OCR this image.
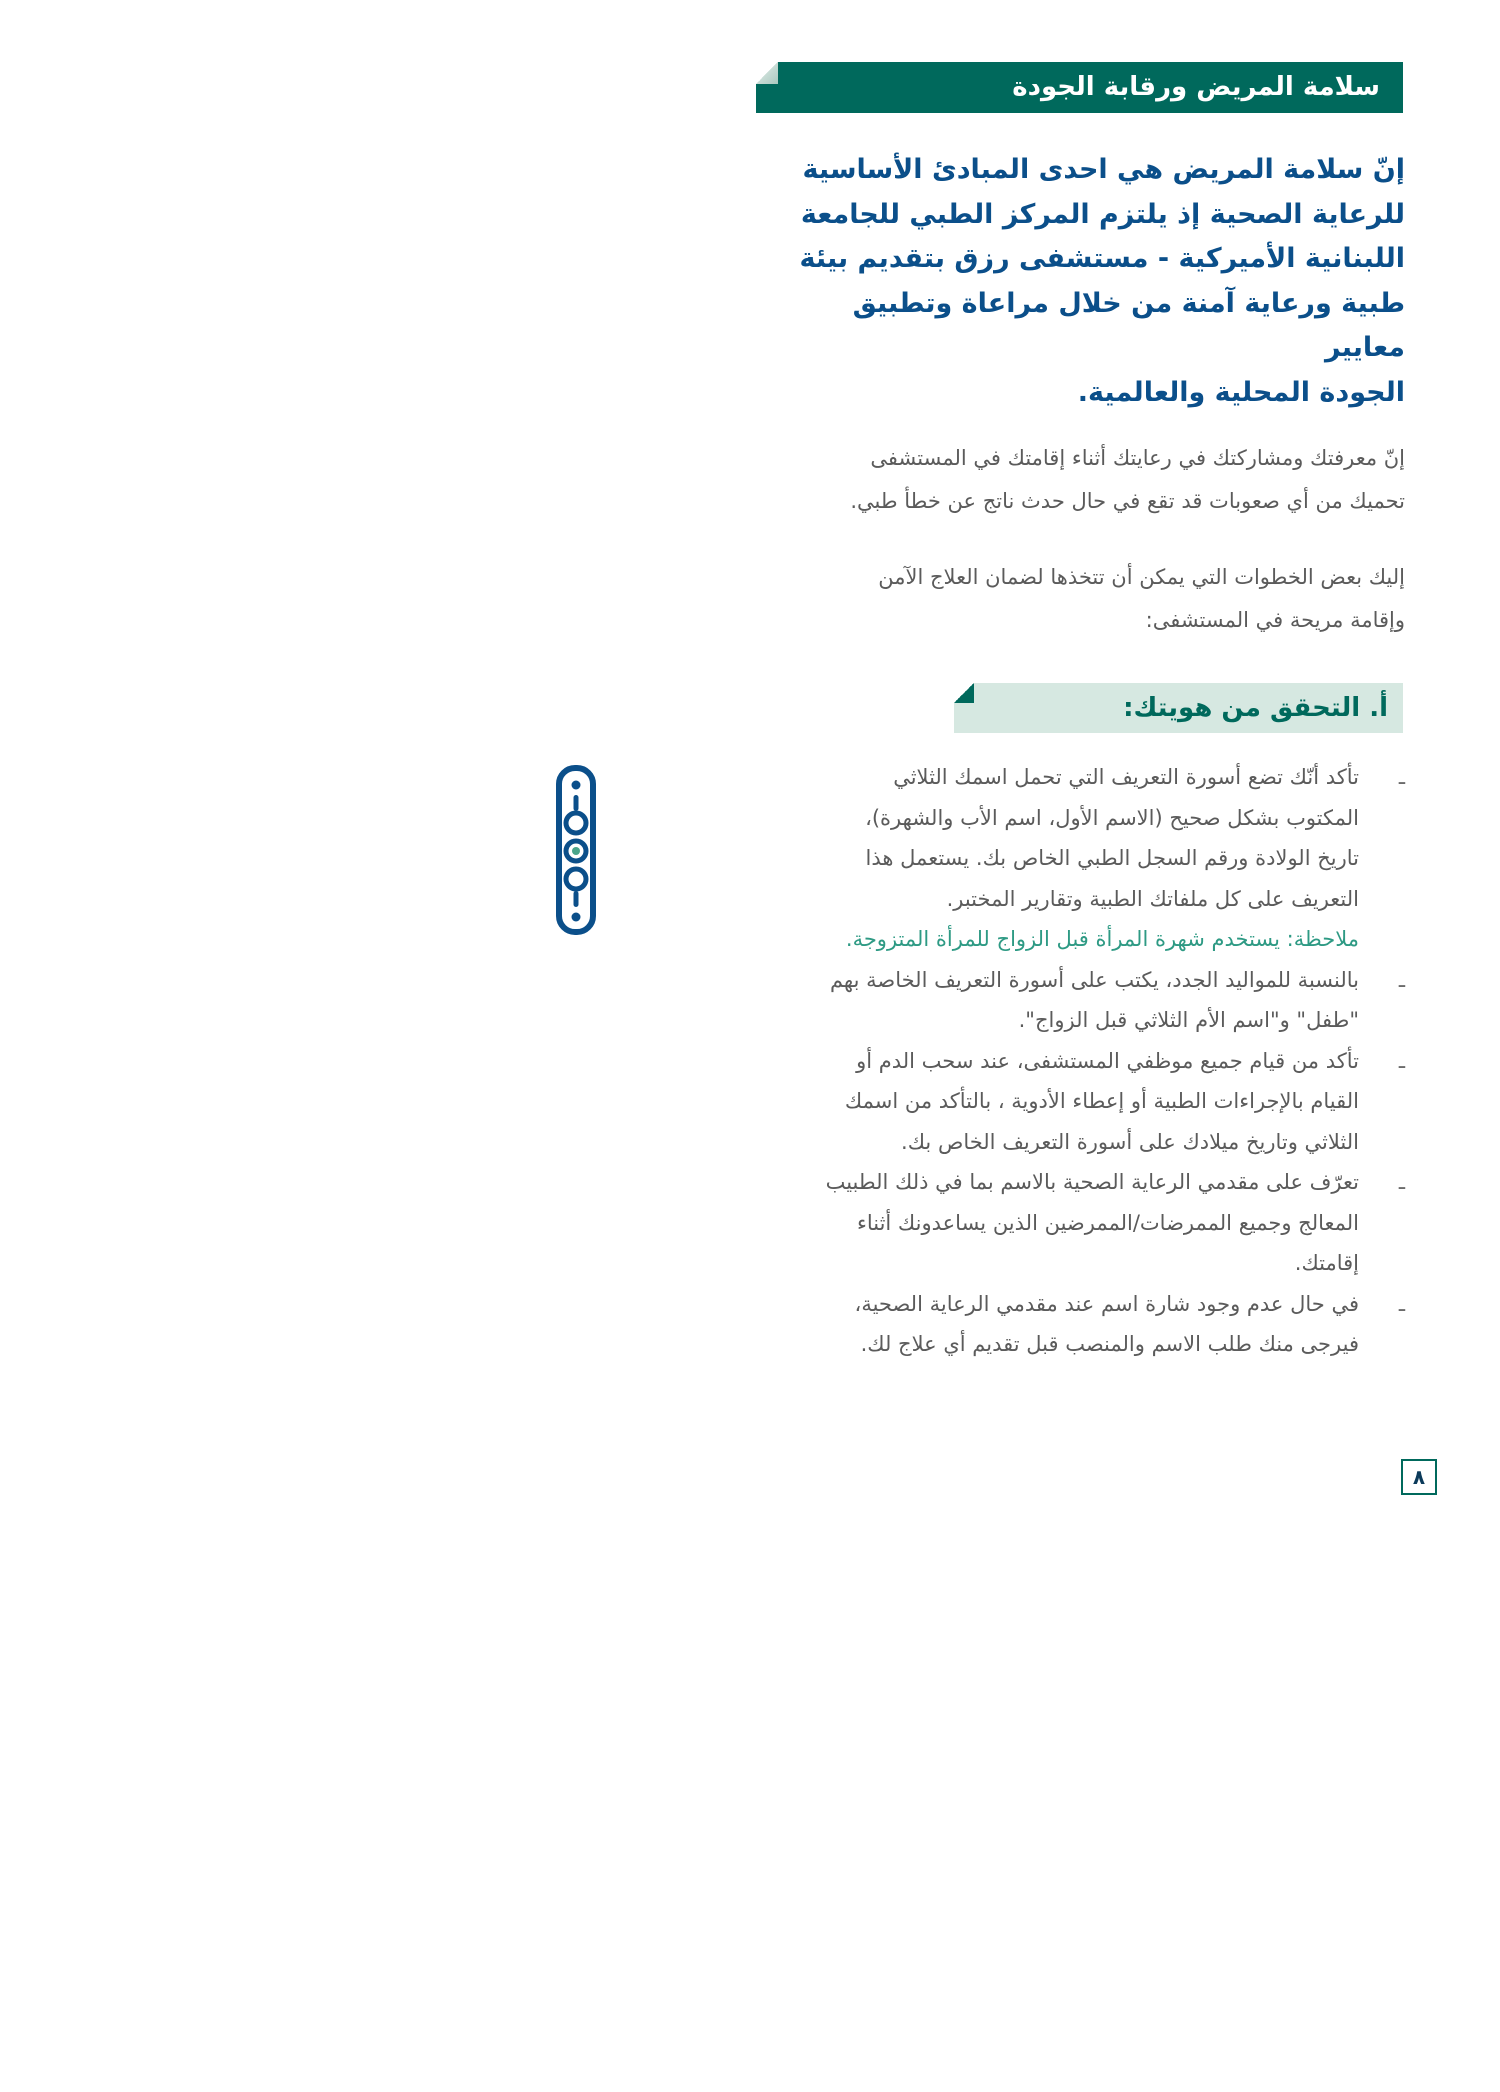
سلامة المريض ورقابة الجودة
إنّ سلامة المريض هي احدى المبادئ الأساسية
للرعاية الصحية إذ يلتزم المركز الطبي للجامعة
اللبنانية الأميركية - مستشفى رزق بتقديم بيئة
طبية ورعاية آمنة من خلال مراعاة وتطبيق معايير
الجودة المحلية والعالمية.
إنّ معرفتك ومشاركتك في رعايتك أثناء إقامتك في المستشفى
تحميك من أي صعوبات قد تقع في حال حدث ناتج عن خطأ طبي.
إليك بعض الخطوات التي يمكن أن تتخذها لضمان العلاج الآمن
وإقامة مريحة في المستشفى:
أ. التحقق من هويتك:
ـ
تأكد أنّك تضع أسورة التعريف التي تحمل اسمك الثلاثي
المكتوب بشكل صحيح (الاسم الأول، اسم الأب والشهرة)،
تاريخ الولادة ورقم السجل الطبي الخاص بك. يستعمل هذا
التعريف على كل ملفاتك الطبية وتقارير المختبر.
ملاحظة: يستخدم شهرة المرأة قبل الزواج للمرأة المتزوجة.
ـ
بالنسبة للمواليد الجدد، يكتب على أسورة التعريف الخاصة بهم
"طفل" و"اسم الأم الثلاثي قبل الزواج".
ـ
تأكد من قيام جميع موظفي المستشفى، عند سحب الدم أو
القيام بالإجراءات الطبية أو إعطاء الأدوية ، بالتأكد من اسمك
الثلاثي وتاريخ ميلادك على أسورة التعريف الخاص بك.
ـ
تعرّف على مقدمي الرعاية الصحية بالاسم بما في ذلك الطبيب
المعالج وجميع الممرضات/الممرضين الذين يساعدونك أثناء
إقامتك.
ـ
في حال عدم وجود شارة اسم عند مقدمي الرعاية الصحية،
فيرجى منك طلب الاسم والمنصب قبل تقديم أي علاج لك.
٨
